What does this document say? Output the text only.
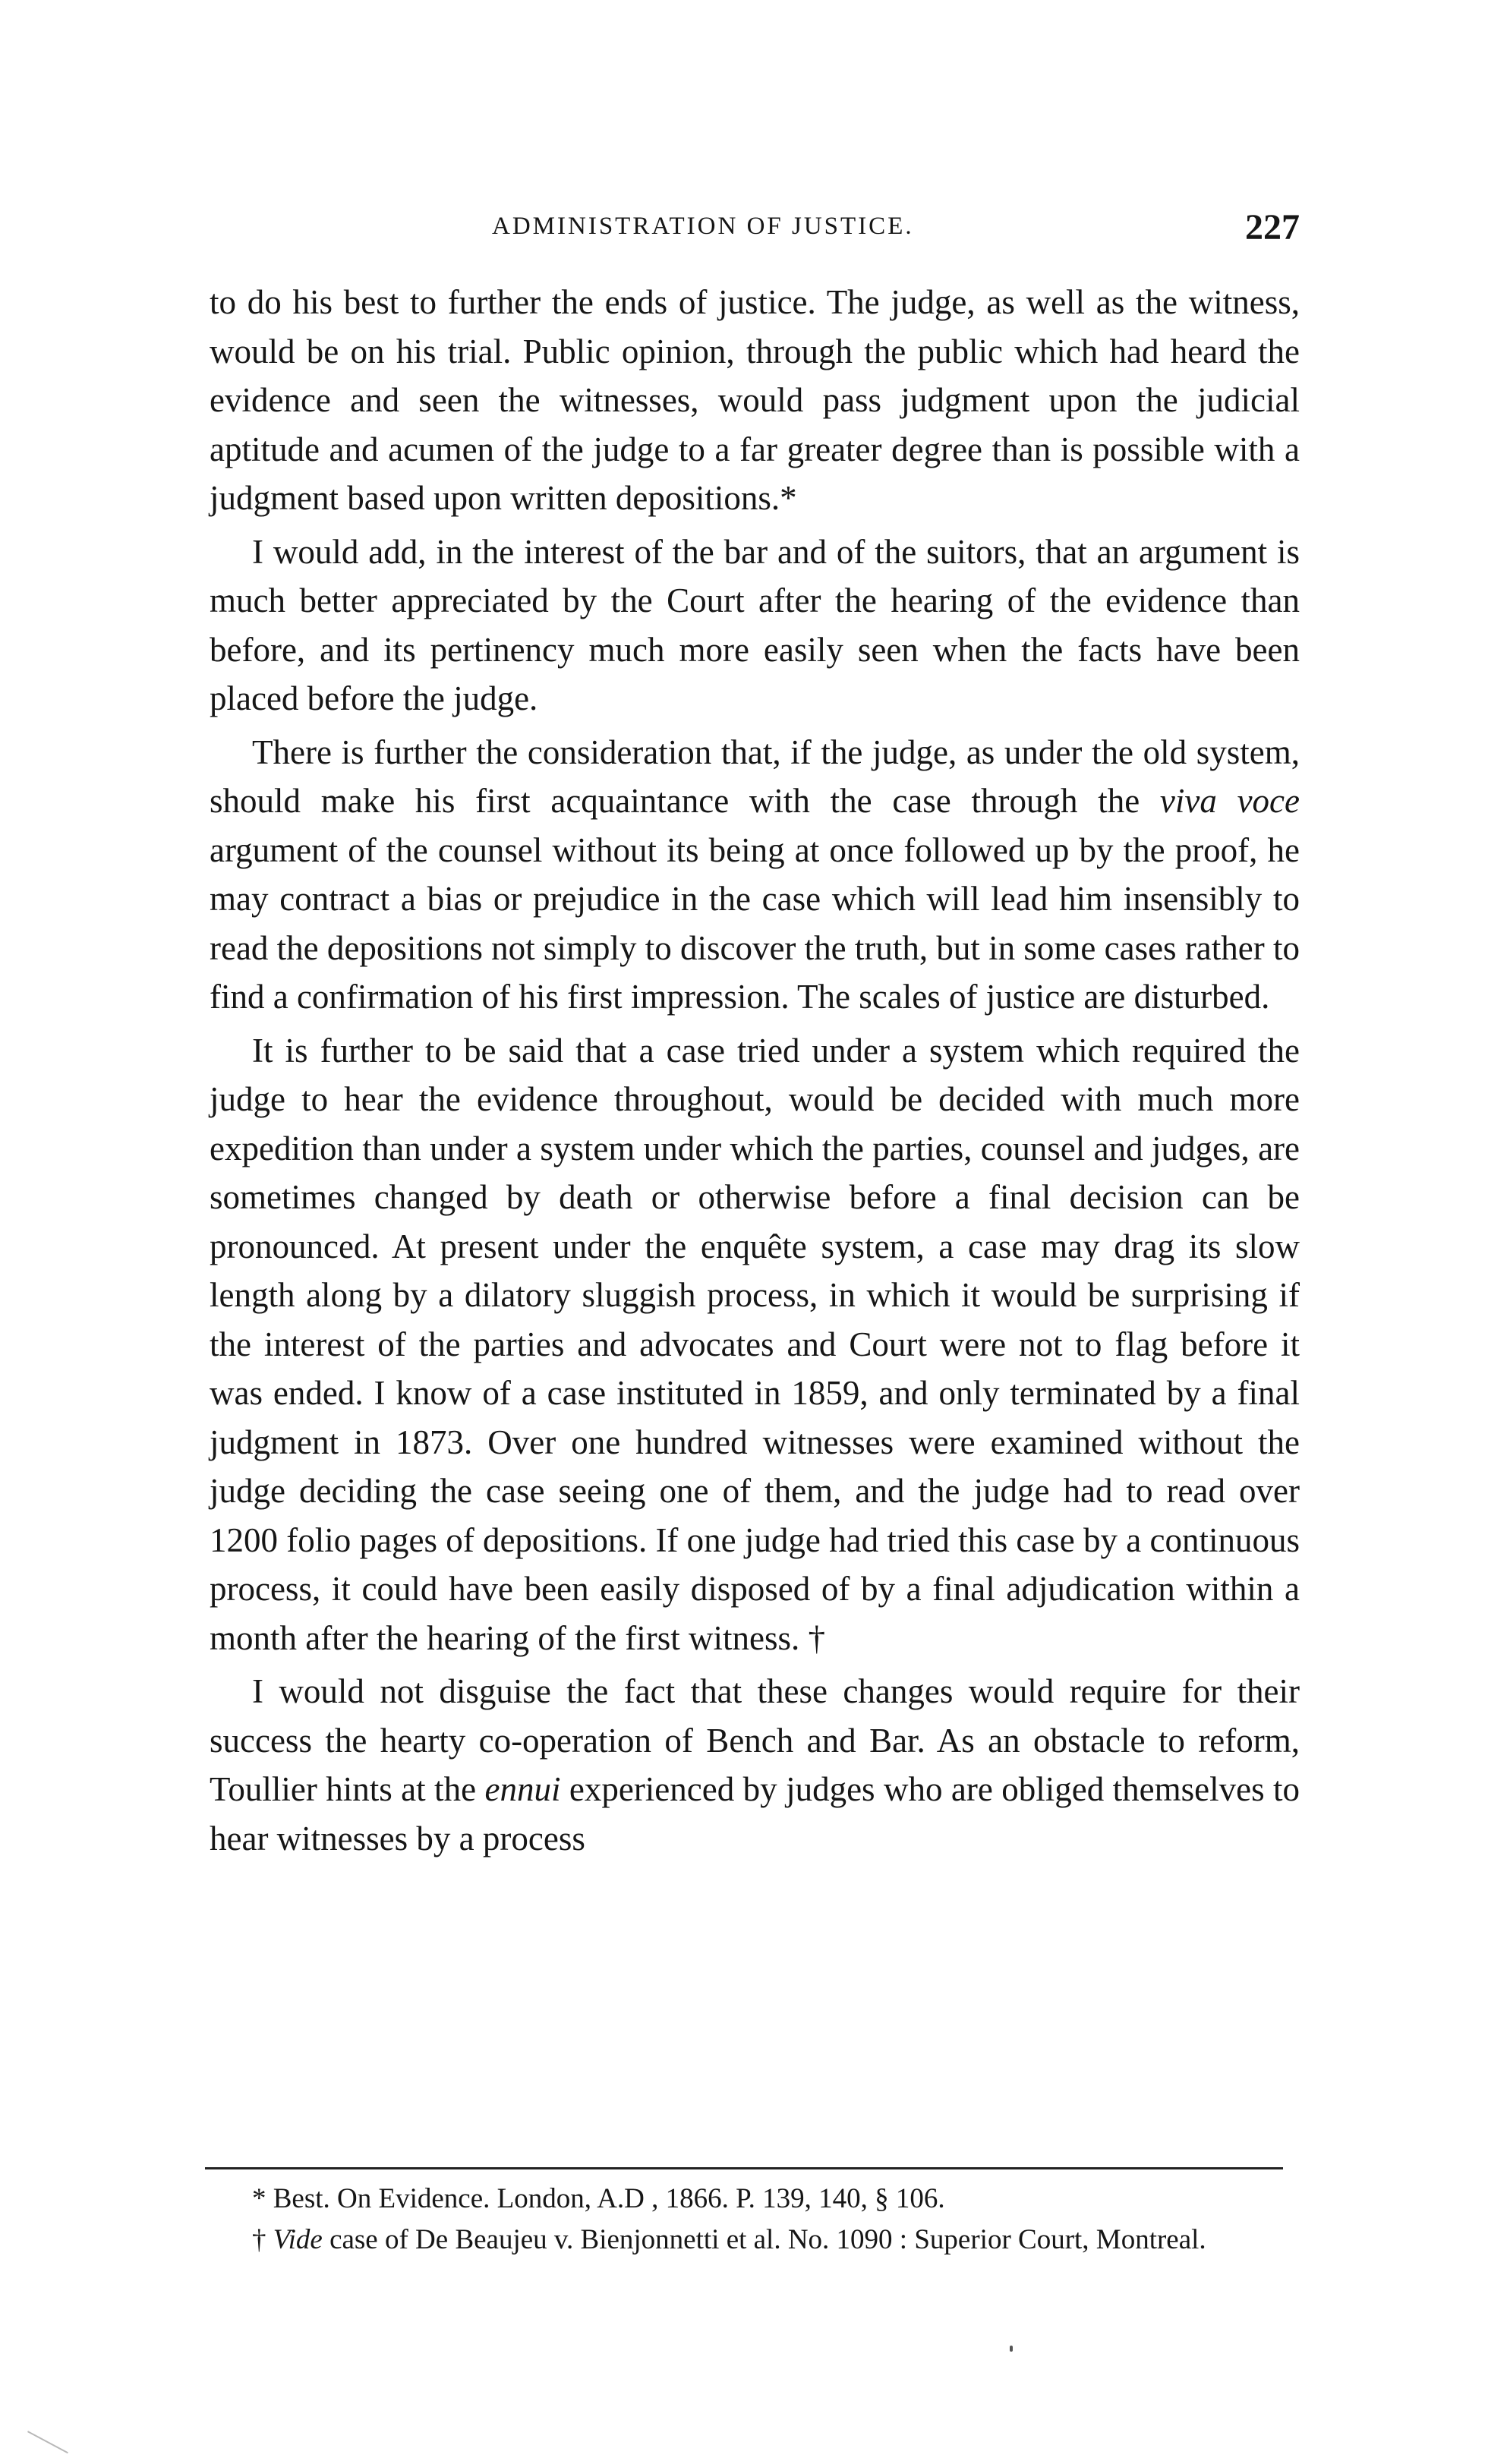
ADMINISTRATION OF JUSTICE.	227

to do his best to further the ends of justice. The judge, as well as the witness, would be on his trial. Public opinion, through the public which had heard the evidence and seen the witnesses, would pass judgment upon the judicial aptitude and acumen of the judge to a far greater degree than is possible with a judgment based upon written depositions.*

I would add, in the interest of the bar and of the suitors, that an argument is much better appreciated by the Court after the hearing of the evidence than before, and its pertinency much more easily seen when the facts have been placed before the judge.

There is further the consideration that, if the judge, as under the old system, should make his first acquaintance with the case through the viva voce argument of the counsel without its being at once followed up by the proof, he may contract a bias or prejudice in the case which will lead him insensibly to read the depositions not simply to discover the truth, but in some cases rather to find a confirmation of his first impression. The scales of justice are disturbed.

It is further to be said that a case tried under a system which required the judge to hear the evidence throughout, would be decided with much more expedition than under a system under which the parties, counsel and judges, are sometimes changed by death or otherwise before a final decision can be pronounced. At present under the enquête system, a case may drag its slow length along by a dilatory sluggish process, in which it would be surprising if the interest of the parties and advocates and Court were not to flag before it was ended. I know of a case instituted in 1859, and only terminated by a final judgment in 1873. Over one hundred witnesses were examined without the judge deciding the case seeing one of them, and the judge had to read over 1200 folio pages of depositions. If one judge had tried this case by a continuous process, it could have been easily disposed of by a final adjudication within a month after the hearing of the first witness. †

I would not disguise the fact that these changes would require for their success the hearty co-operation of Bench and Bar. As an obstacle to reform, Toullier hints at the ennui experienced by judges who are obliged themselves to hear witnesses by a process

* Best. On Evidence. London, A.D , 1866. P. 139, 140, § 106.

† Vide case of De Beaujeu v. Bienjonnetti et al. No. 1090 : Superior Court, Montreal.
